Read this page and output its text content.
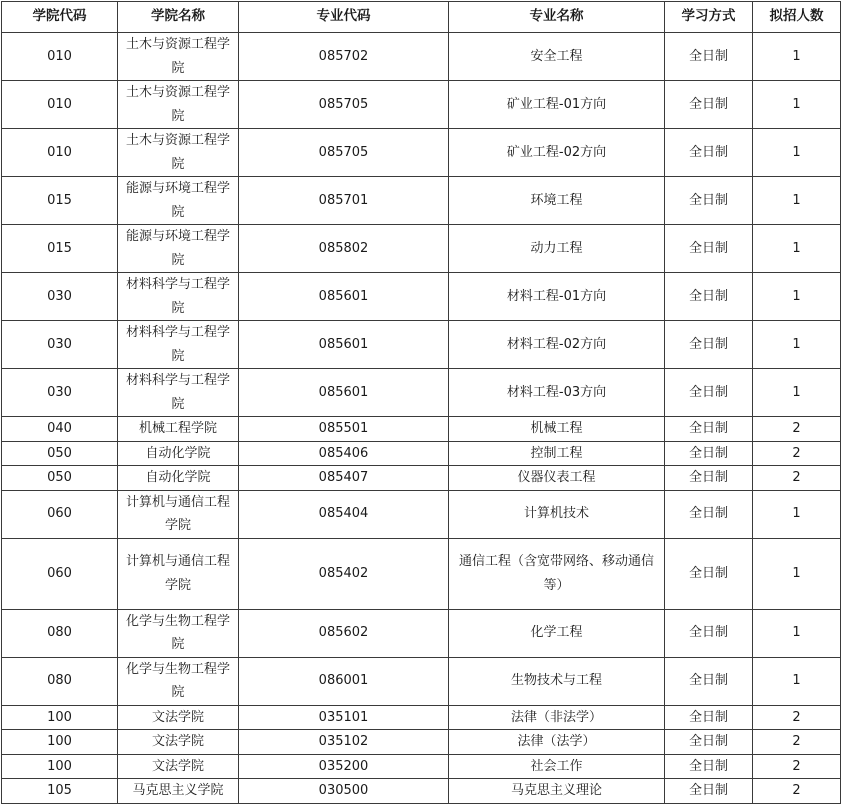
学院代码	学院名称	专业代码	专业名称	学习方式	拟招人数
010	土木与资源工程学院	085702	安全工程	全日制	1
010	土木与资源工程学院	085705	矿业工程-01方向	全日制	1
010	土木与资源工程学院	085705	矿业工程-02方向	全日制	1
015	能源与环境工程学院	085701	环境工程	全日制	1
015	能源与环境工程学院	085802	动力工程	全日制	1
030	材料科学与工程学院	085601	材料工程-01方向	全日制	1
030	材料科学与工程学院	085601	材料工程-02方向	全日制	1
030	材料科学与工程学院	085601	材料工程-03方向	全日制	1
040	机械工程学院	085501	机械工程	全日制	2
050	自动化学院	085406	控制工程	全日制	2
050	自动化学院	085407	仪器仪表工程	全日制	2
060	计算机与通信工程学院	085404	计算机技术	全日制	1
060	计算机与通信工程学院	085402	通信工程（含宽带网络、移动通信等）	全日制	1
080	化学与生物工程学院	085602	化学工程	全日制	1
080	化学与生物工程学院	086001	生物技术与工程	全日制	1
100	文法学院	035101	法律（非法学）	全日制	2
100	文法学院	035102	法律（法学）	全日制	2
100	文法学院	035200	社会工作	全日制	2
105	马克思主义学院	030500	马克思主义理论	全日制	2
